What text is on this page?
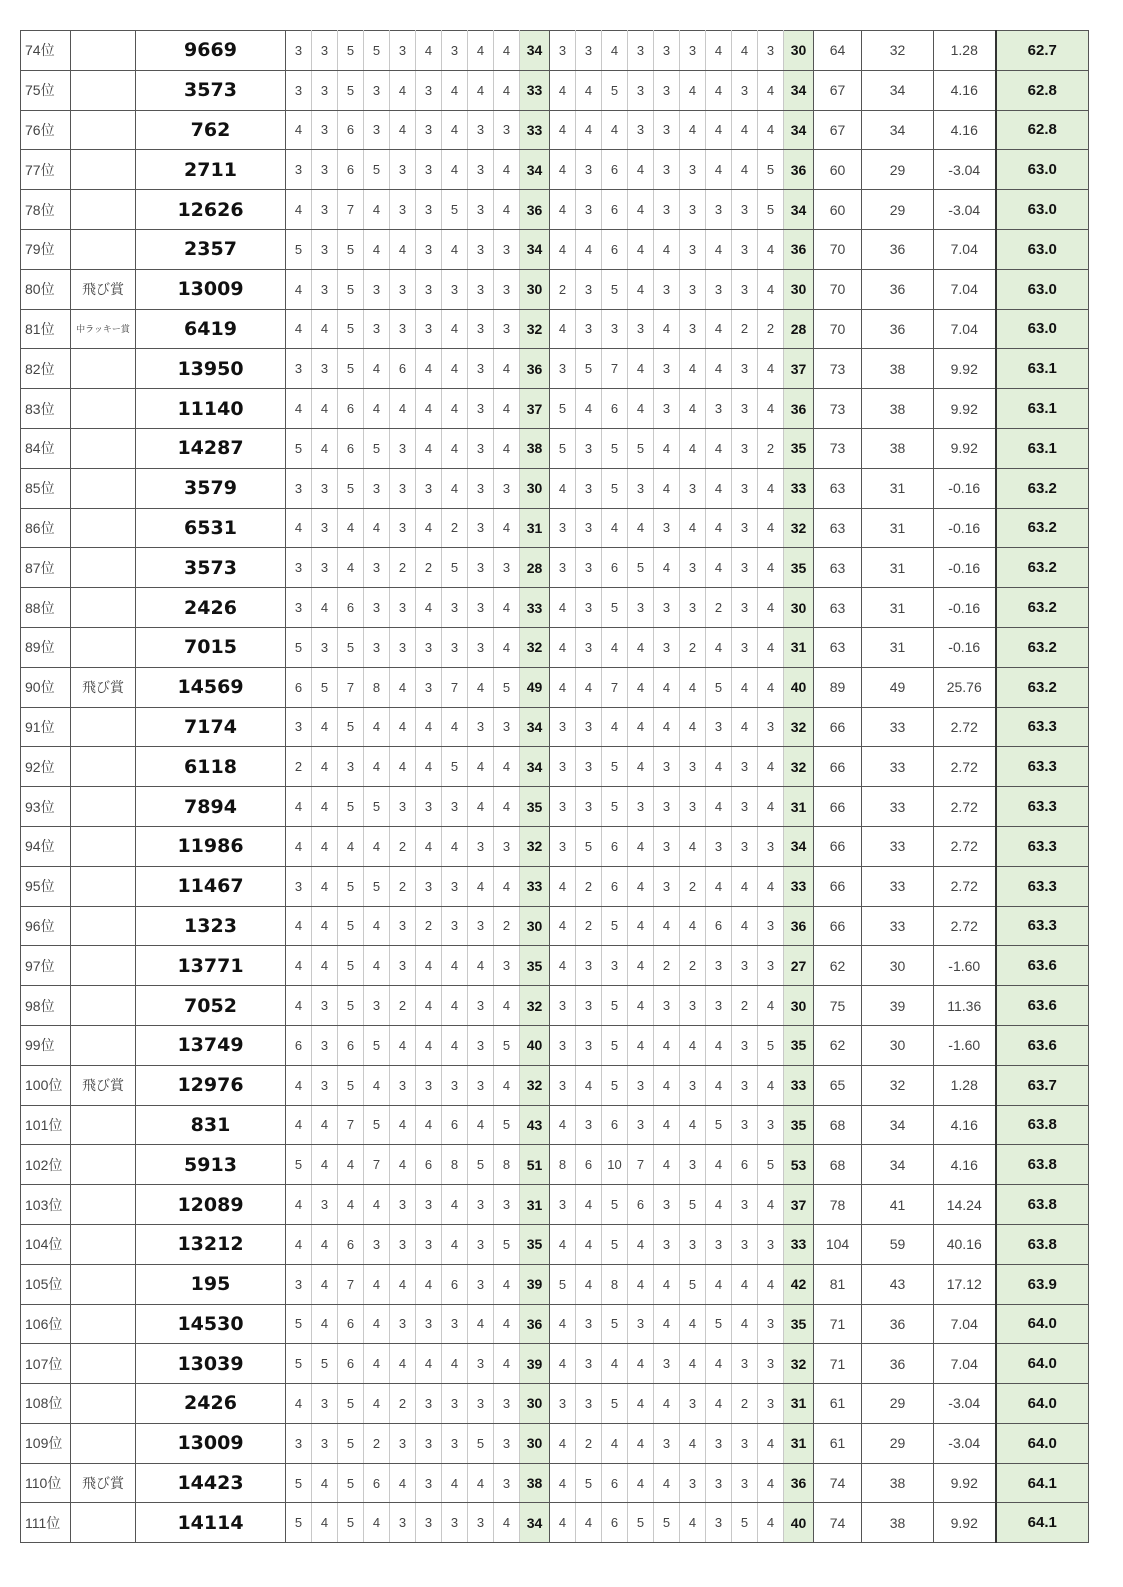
74位		9669	3	3	5	5	3	4	3	4	4	34	3	3	4	3	3	3	4	4	3	30	64	32	1.28	62.7
75位		3573	3	3	5	3	4	3	4	4	4	33	4	4	5	3	3	4	4	3	4	34	67	34	4.16	62.8
76位		762	4	3	6	3	4	3	4	3	3	33	4	4	4	3	3	4	4	4	4	34	67	34	4.16	62.8
77位		2711	3	3	6	5	3	3	4	3	4	34	4	3	6	4	3	3	4	4	5	36	60	29	-3.04	63.0
78位		12626	4	3	7	4	3	3	5	3	4	36	4	3	6	4	3	3	3	3	5	34	60	29	-3.04	63.0
79位		2357	5	3	5	4	4	3	4	3	3	34	4	4	6	4	4	3	4	3	4	36	70	36	7.04	63.0
80位	飛び賞	13009	4	3	5	3	3	3	3	3	3	30	2	3	5	4	3	3	3	3	4	30	70	36	7.04	63.0
81位	中ラッキー賞	6419	4	4	5	3	3	3	4	3	3	32	4	3	3	3	4	3	4	2	2	28	70	36	7.04	63.0
82位		13950	3	3	5	4	6	4	4	3	4	36	3	5	7	4	3	4	4	3	4	37	73	38	9.92	63.1
83位		11140	4	4	6	4	4	4	4	3	4	37	5	4	6	4	3	4	3	3	4	36	73	38	9.92	63.1
84位		14287	5	4	6	5	3	4	4	3	4	38	5	3	5	5	4	4	4	3	2	35	73	38	9.92	63.1
85位		3579	3	3	5	3	3	3	4	3	3	30	4	3	5	3	4	3	4	3	4	33	63	31	-0.16	63.2
86位		6531	4	3	4	4	3	4	2	3	4	31	3	3	4	4	3	4	4	3	4	32	63	31	-0.16	63.2
87位		3573	3	3	4	3	2	2	5	3	3	28	3	3	6	5	4	3	4	3	4	35	63	31	-0.16	63.2
88位		2426	3	4	6	3	3	4	3	3	4	33	4	3	5	3	3	3	2	3	4	30	63	31	-0.16	63.2
89位		7015	5	3	5	3	3	3	3	3	4	32	4	3	4	4	3	2	4	3	4	31	63	31	-0.16	63.2
90位	飛び賞	14569	6	5	7	8	4	3	7	4	5	49	4	4	7	4	4	4	5	4	4	40	89	49	25.76	63.2
91位		7174	3	4	5	4	4	4	4	3	3	34	3	3	4	4	4	4	3	4	3	32	66	33	2.72	63.3
92位		6118	2	4	3	4	4	4	5	4	4	34	3	3	5	4	3	3	4	3	4	32	66	33	2.72	63.3
93位		7894	4	4	5	5	3	3	3	4	4	35	3	3	5	3	3	3	4	3	4	31	66	33	2.72	63.3
94位		11986	4	4	4	4	2	4	4	3	3	32	3	5	6	4	3	4	3	3	3	34	66	33	2.72	63.3
95位		11467	3	4	5	5	2	3	3	4	4	33	4	2	6	4	3	2	4	4	4	33	66	33	2.72	63.3
96位		1323	4	4	5	4	3	2	3	3	2	30	4	2	5	4	4	4	6	4	3	36	66	33	2.72	63.3
97位		13771	4	4	5	4	3	4	4	4	3	35	4	3	3	4	2	2	3	3	3	27	62	30	-1.60	63.6
98位		7052	4	3	5	3	2	4	4	3	4	32	3	3	5	4	3	3	3	2	4	30	75	39	11.36	63.6
99位		13749	6	3	6	5	4	4	4	3	5	40	3	3	5	4	4	4	4	3	5	35	62	30	-1.60	63.6
100位	飛び賞	12976	4	3	5	4	3	3	3	3	4	32	3	4	5	3	4	3	4	3	4	33	65	32	1.28	63.7
101位		831	4	4	7	5	4	4	6	4	5	43	4	3	6	3	4	4	5	3	3	35	68	34	4.16	63.8
102位		5913	5	4	4	7	4	6	8	5	8	51	8	6	10	7	4	3	4	6	5	53	68	34	4.16	63.8
103位		12089	4	3	4	4	3	3	4	3	3	31	3	4	5	6	3	5	4	3	4	37	78	41	14.24	63.8
104位		13212	4	4	6	3	3	3	4	3	5	35	4	4	5	4	3	3	3	3	3	33	104	59	40.16	63.8
105位		195	3	4	7	4	4	4	6	3	4	39	5	4	8	4	4	5	4	4	4	42	81	43	17.12	63.9
106位		14530	5	4	6	4	3	3	3	4	4	36	4	3	5	3	4	4	5	4	3	35	71	36	7.04	64.0
107位		13039	5	5	6	4	4	4	4	3	4	39	4	3	4	4	3	4	4	3	3	32	71	36	7.04	64.0
108位		2426	4	3	5	4	2	3	3	3	3	30	3	3	5	4	4	3	4	2	3	31	61	29	-3.04	64.0
109位		13009	3	3	5	2	3	3	3	5	3	30	4	2	4	4	3	4	3	3	4	31	61	29	-3.04	64.0
110位	飛び賞	14423	5	4	5	6	4	3	4	4	3	38	4	5	6	4	4	3	3	3	4	36	74	38	9.92	64.1
111位		14114	5	4	5	4	3	3	3	3	4	34	4	4	6	5	5	4	3	5	4	40	74	38	9.92	64.1
